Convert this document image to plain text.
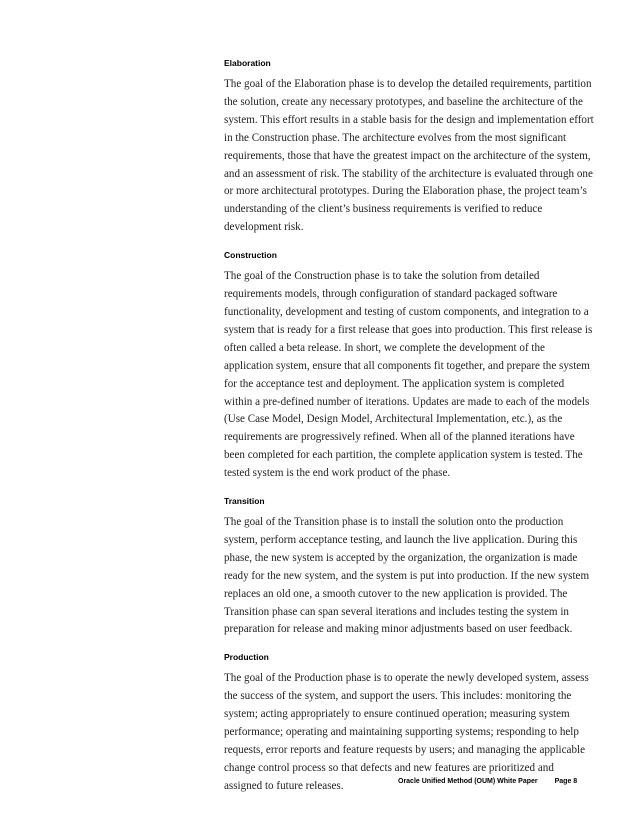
Elaboration

The goal of the Elaboration phase is to develop the detailed requirements, partition the solution, create any necessary prototypes, and baseline the architecture of the system. This effort results in a stable basis for the design and implementation effort in the Construction phase. The architecture evolves from the most significant requirements, those that have the greatest impact on the architecture of the system, and an assessment of risk. The stability of the architecture is evaluated through one or more architectural prototypes. During the Elaboration phase, the project team’s understanding of the client’s business requirements is verified to reduce development risk.

Construction

The goal of the Construction phase is to take the solution from detailed requirements models, through configuration of standard packaged software functionality, development and testing of custom components, and integration to a system that is ready for a first release that goes into production. This first release is often called a beta release. In short, we complete the development of the application system, ensure that all components fit together, and prepare the system for the acceptance test and deployment. The application system is completed within a pre-defined number of iterations. Updates are made to each of the models (Use Case Model, Design Model, Architectural Implementation, etc.), as the requirements are progressively refined. When all of the planned iterations have been completed for each partition, the complete application system is tested. The tested system is the end work product of the phase.

Transition

The goal of the Transition phase is to install the solution onto the production system, perform acceptance testing, and launch the live application. During this phase, the new system is accepted by the organization, the organization is made ready for the new system, and the system is put into production. If the new system replaces an old one, a smooth cutover to the new application is provided. The Transition phase can span several iterations and includes testing the system in preparation for release and making minor adjustments based on user feedback.

Production

The goal of the Production phase is to operate the newly developed system, assess the success of the system, and support the users. This includes: monitoring the system; acting appropriately to ensure continued operation; measuring system performance; operating and maintaining supporting systems; responding to help requests, error reports and feature requests by users; and managing the applicable change control process so that defects and new features are prioritized and assigned to future releases.	Oracle Unified Method (OUM) White Paper Page 8
